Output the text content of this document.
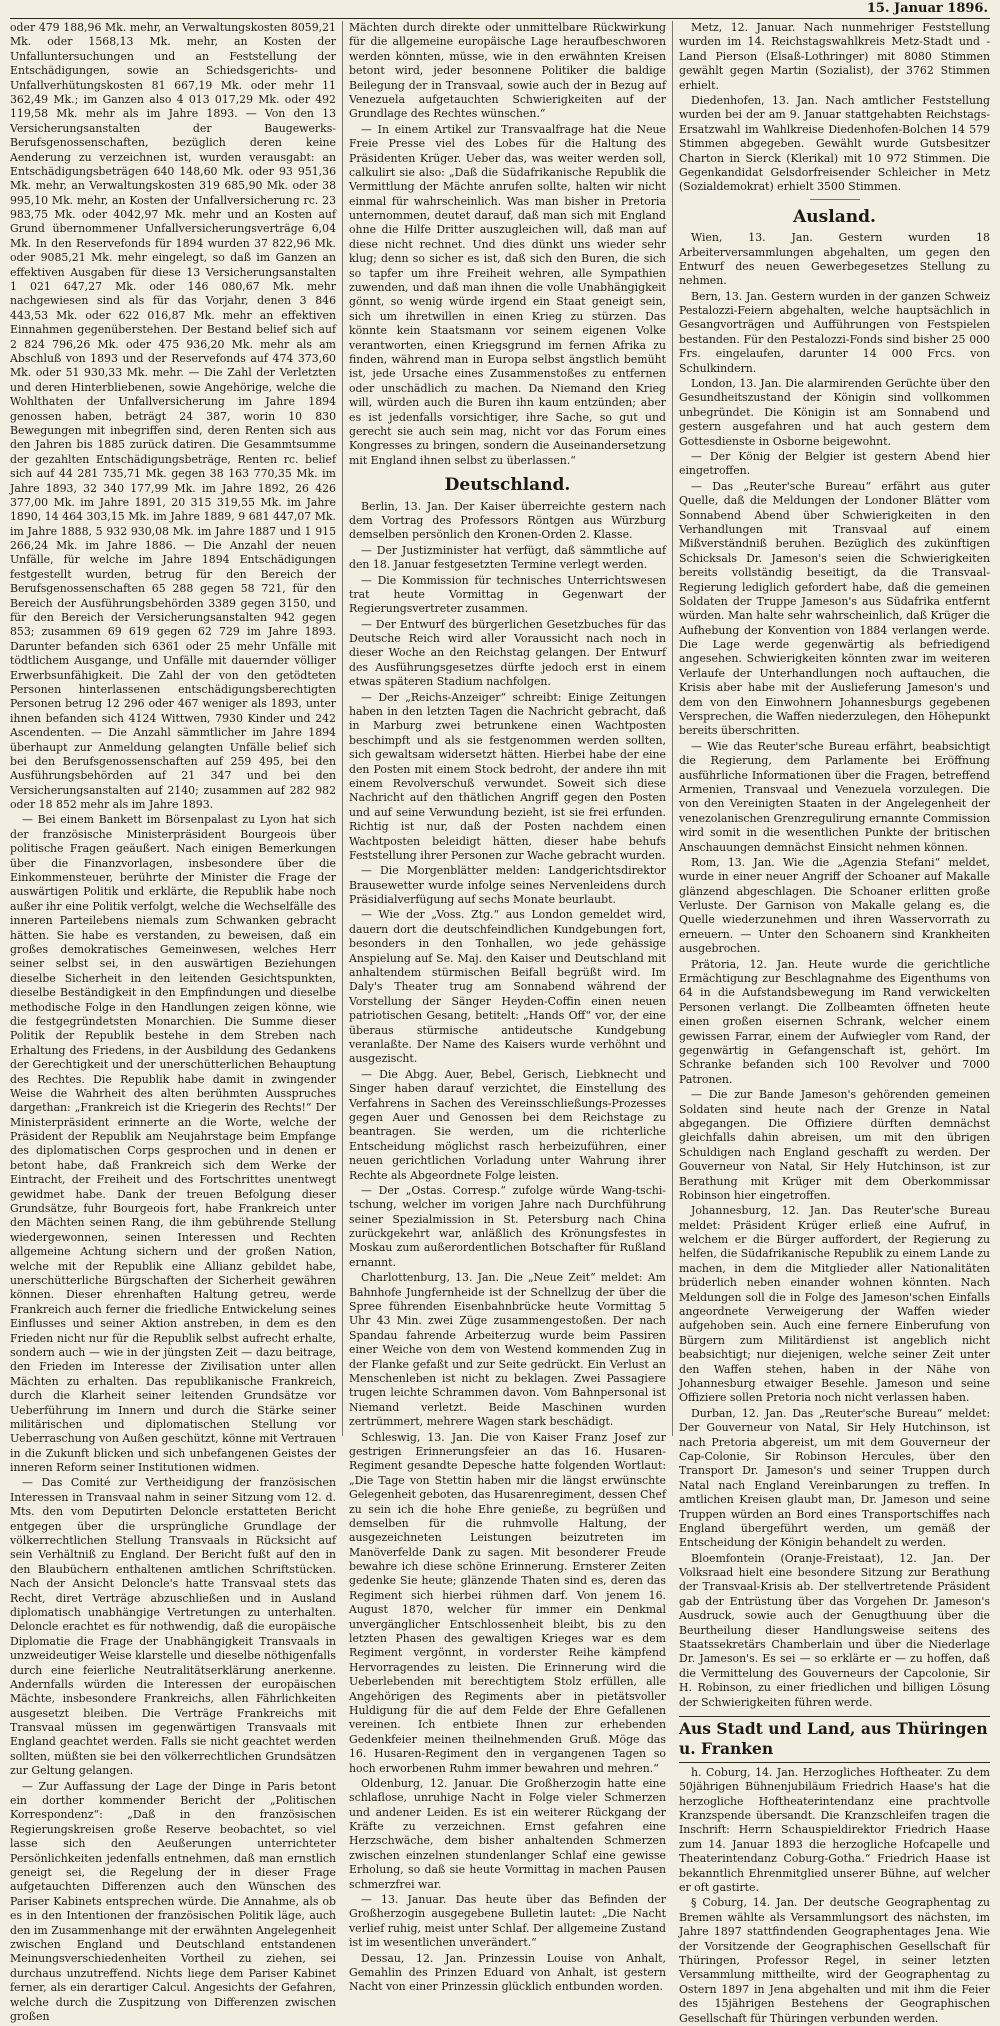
15. Januar 1896.

oder 479 188,96 Mk. mehr, an Verwaltungskosten 8059,21 Mk. oder 1568,13 Mk. mehr, an Kosten der Unfalluntersuchungen und an Feststellung der Entschädigungen, sowie an Schiedsgerichts- und Unfallverhütungskosten 81 667,19 Mk. oder mehr 11 362,49 Mk.; im Ganzen also 4 013 017,29 Mk. oder 492 119,58 Mk. mehr als im Jahre 1893. — Von den 13 Versicherungsanstalten der Baugewerks-Berufsgenossenschaften, bezüglich deren keine Aenderung zu verzeichnen ist, wurden verausgabt: an Entschädigungsbeträgen 640 148,60 Mk. oder 93 951,36 Mk. mehr, an Verwaltungskosten 319 685,90 Mk. oder 38 995,10 Mk. mehr, an Kosten der Unfallversicherung rc. 23 983,75 Mk. oder 4042,97 Mk. mehr und an Kosten auf Grund übernommener Unfallversicherungsverträge 6,04 Mk. In den Reservefonds für 1894 wurden 37 822,96 Mk. oder 9085,21 Mk. mehr eingelegt, so daß im Ganzen an effektiven Ausgaben für diese 13 Versicherungsanstalten 1 021 647,27 Mk. oder 146 080,67 Mk. mehr nachgewiesen sind als für das Vorjahr, denen 3 846 443,53 Mk. oder 622 016,87 Mk. mehr an effektiven Einnahmen gegenüberstehen. Der Bestand belief sich auf 2 824 796,26 Mk. oder 475 936,20 Mk. mehr als am Abschluß von 1893 und der Reservefonds auf 474 373,60 Mk. oder 51 930,33 Mk. mehr. — Die Zahl der Verletzten und deren Hinterbliebenen, sowie Angehörige, welche die Wohlthaten der Unfallversicherung im Jahre 1894 genossen haben, beträgt 24 387, worin 10 830 Bewegungen mit inbegriffen sind, deren Renten sich aus den Jahren bis 1885 zurück datiren. Die Gesammtsumme der gezahlten Entschädigungsbeträge, Renten rc. belief sich auf 44 281 735,71 Mk. gegen 38 163 770,35 Mk. im Jahre 1893, 32 340 177,99 Mk. im Jahre 1892, 26 426 377,00 Mk. im Jahre 1891, 20 315 319,55 Mk. im Jahre 1890, 14 464 303,15 Mk. im Jahre 1889, 9 681 447,07 Mk. im Jahre 1888, 5 932 930,08 Mk. im Jahre 1887 und 1 915 266,24 Mk. im Jahre 1886. — Die Anzahl der neuen Unfälle, für welche im Jahre 1894 Entschädigungen festgestellt wurden, betrug für den Bereich der Berufsgenossenschaften 65 288 gegen 58 721, für den Bereich der Ausführungsbehörden 3389 gegen 3150, und für den Bereich der Versicherungsanstalten 942 gegen 853; zusammen 69 619 gegen 62 729 im Jahre 1893. Darunter befanden sich 6361 oder 25 mehr Unfälle mit tödtlichem Ausgange, und Unfälle mit dauernder völliger Erwerbsunfähigkeit. Die Zahl der von den getödteten Personen hinterlassenen entschädigungsberechtigten Personen betrug 12 296 oder 467 weniger als 1893, unter ihnen befanden sich 4124 Wittwen, 7930 Kinder und 242 Ascendenten. — Die Anzahl sämmtlicher im Jahre 1894 überhaupt zur Anmeldung gelangten Unfälle belief sich bei den Berufsgenossenschaften auf 259 495, bei den Ausführungsbehörden auf 21 347 und bei den Versicherungsanstalten auf 2140; zusammen auf 282 982 oder 18 852 mehr als im Jahre 1893.

— Bei einem Bankett im Börsenpalast zu Lyon hat sich der französische Ministerpräsident Bourgeois über politische Fragen geäußert. Nach einigen Bemerkungen über die Finanzvorlagen, insbesondere über die Einkommensteuer, berührte der Minister die Frage der auswärtigen Politik und erklärte, die Republik habe noch außer ihr eine Politik verfolgt, welche die Wechselfälle des inneren Parteilebens niemals zum Schwanken gebracht hätten. Sie habe es verstanden, zu beweisen, daß ein großes demokratisches Gemeinwesen, welches Herr seiner selbst sei, in den auswärtigen Beziehungen dieselbe Sicherheit in den leitenden Gesichtspunkten, dieselbe Beständigkeit in den Empfindungen und dieselbe methodische Folge in den Handlungen zeigen könne, wie die festgegründetsten Monarchien. Die Summe dieser Politik der Republik bestehe in dem Streben nach Erhaltung des Friedens, in der Ausbildung des Gedankens der Gerechtigkeit und der unerschütterlichen Behauptung des Rechtes. Die Republik habe damit in zwingender Weise die Wahrheit des alten berühmten Ausspruches dargethan: „Frankreich ist die Kriegerin des Rechts!“ Der Ministerpräsident erinnerte an die Worte, welche der Präsident der Republik am Neujahrstage beim Empfange des diplomatischen Corps gesprochen und in denen er betont habe, daß Frankreich sich dem Werke der Eintracht, der Freiheit und des Fortschrittes unentwegt gewidmet habe. Dank der treuen Befolgung dieser Grundsätze, fuhr Bourgeois fort, habe Frankreich unter den Mächten seinen Rang, die ihm gebührende Stellung wiedergewonnen, seinen Interessen und Rechten allgemeine Achtung sichern und der großen Nation, welche mit der Republik eine Allianz gebildet habe, unerschütterliche Bürgschaften der Sicherheit gewähren können. Dieser ehrenhaften Haltung getreu, werde Frankreich auch ferner die friedliche Entwickelung seines Einflusses und seiner Aktion anstreben, in dem es den Frieden nicht nur für die Republik selbst aufrecht erhalte, sondern auch — wie in der jüngsten Zeit — dazu beitrage, den Frieden im Interesse der Zivilisation unter allen Mächten zu erhalten. Das republikanische Frankreich, durch die Klarheit seiner leitenden Grundsätze vor Ueberführung im Innern und durch die Stärke seiner militärischen und diplomatischen Stellung vor Ueberraschung von Außen geschützt, könne mit Vertrauen in die Zukunft blicken und sich unbefangenen Geistes der inneren Reform seiner Institutionen widmen.

— Das Comité zur Vertheidigung der französischen Interessen in Transvaal nahm in seiner Sitzung vom 12. d. Mts. den vom Deputirten Deloncle erstatteten Bericht entgegen über die ursprüngliche Grundlage der völkerrechtlichen Stellung Transvaals in Rücksicht auf sein Verhältniß zu England. Der Bericht fußt auf den in den Blaubüchern enthaltenen amtlichen Schriftstücken. Nach der Ansicht Deloncle's hatte Transvaal stets das Recht, diret Verträge abzuschließen und in Ausland diplomatisch unabhängige Vertretungen zu unterhalten. Deloncle erachtet es für nothwendig, daß die europäische Diplomatie die Frage der Unabhängigkeit Transvaals in unzweideutiger Weise klarstelle und dieselbe nöthigenfalls durch eine feierliche Neutralitätserklärung anerkenne. Andernfalls würden die Interessen der europäischen Mächte, insbesondere Frankreichs, allen Fährlichkeiten ausgesetzt bleiben. Die Verträge Frankreichs mit Transvaal müssen im gegenwärtigen Transvaals mit England geachtet werden. Falls sie nicht geachtet werden sollten, müßten sie bei den völkerrechtlichen Grundsätzen zur Geltung gelangen.

— Zur Auffassung der Lage der Dinge in Paris betont ein dorther kommender Bericht der „Politischen Korrespondenz“: „Daß in den französischen Regierungskreisen große Reserve beobachtet, so viel lasse sich den Aeußerungen unterrichteter Persönlichkeiten jedenfalls entnehmen, daß man ernstlich geneigt sei, die Regelung der in dieser Frage aufgetauchten Differenzen auch den Wünschen des Pariser Kabinets entsprechen würde. Die Annahme, als ob es in den Intentionen der französischen Politik läge, auch den im Zusammenhange mit der erwähnten Angelegenheit zwischen England und Deutschland entstandenen Meinungsverschiedenheiten Vortheil zu ziehen, sei durchaus unzutreffend. Nichts liege dem Pariser Kabinet ferner, als ein derartiger Calcul. Angesichts der Gefahren, welche durch die Zuspitzung von Differenzen zwischen großen

Mächten durch direkte oder unmittelbare Rückwirkung für die allgemeine europäische Lage heraufbeschworen werden könnten, müsse, wie in den erwähnten Kreisen betont wird, jeder besonnene Politiker die baldige Beilegung der in Transvaal, sowie auch der in Bezug auf Venezuela aufgetauchten Schwierigkeiten auf der Grundlage des Rechtes wünschen.“

— In einem Artikel zur Transvaalfrage hat die Neue Freie Presse viel des Lobes für die Haltung des Präsidenten Krüger. Ueber das, was weiter werden soll, calkulirt sie also: „Daß die Südafrikanische Republik die Vermittlung der Mächte anrufen sollte, halten wir nicht einmal für wahrscheinlich. Was man bisher in Pretoria unternommen, deutet darauf, daß man sich mit England ohne die Hilfe Dritter auszugleichen will, daß man auf diese nicht rechnet. Und dies dünkt uns wieder sehr klug; denn so sicher es ist, daß sich den Buren, die sich so tapfer um ihre Freiheit wehren, alle Sympathien zuwenden, und daß man ihnen die volle Unabhängigkeit gönnt, so wenig würde irgend ein Staat geneigt sein, sich um ihretwillen in einen Krieg zu stürzen. Das könnte kein Staatsmann vor seinem eigenen Volke verantworten, einen Kriegsgrund im fernen Afrika zu finden, während man in Europa selbst ängstlich bemüht ist, jede Ursache eines Zusammenstoßes zu entfernen oder unschädlich zu machen. Da Niemand den Krieg will, würden auch die Buren ihn kaum entzünden; aber es ist jedenfalls vorsichtiger, ihre Sache, so gut und gerecht sie auch sein mag, nicht vor das Forum eines Kongresses zu bringen, sondern die Auseinandersetzung mit England ihnen selbst zu überlassen.“

Deutschland.

Berlin, 13. Jan. Der Kaiser überreichte gestern nach dem Vortrag des Professors Röntgen aus Würzburg demselben persönlich den Kronen-Orden 2. Klasse.

— Der Justizminister hat verfügt, daß sämmtliche auf den 18. Januar festgesetzten Termine verlegt werden.

— Die Kommission für technisches Unterrichtswesen trat heute Vormittag in Gegenwart der Regierungsvertreter zusammen.

— Der Entwurf des bürgerlichen Gesetzbuches für das Deutsche Reich wird aller Voraussicht nach noch in dieser Woche an den Reichstag gelangen. Der Entwurf des Ausführungsgesetzes dürfte jedoch erst in einem etwas späteren Stadium nachfolgen.

— Der „Reichs-Anzeiger“ schreibt: Einige Zeitungen haben in den letzten Tagen die Nachricht gebracht, daß in Marburg zwei betrunkene einen Wachtposten beschimpft und als sie festgenommen werden sollten, sich gewaltsam widersetzt hätten. Hierbei habe der eine den Posten mit einem Stock bedroht, der andere ihn mit einem Revolverschuß verwundet. Soweit sich diese Nachricht auf den thätlichen Angriff gegen den Posten und auf seine Verwundung bezieht, ist sie frei erfunden. Richtig ist nur, daß der Posten nachdem einen Wachtposten beleidigt hätten, dieser habe behufs Feststellung ihrer Personen zur Wache gebracht wurden.

— Die Morgenblätter melden: Landgerichtsdirektor Brausewetter wurde infolge seines Nervenleidens durch Präsidialverfügung auf sechs Monate beurlaubt.

— Wie der „Voss. Ztg.“ aus London gemeldet wird, dauern dort die deutschfeindlichen Kundgebungen fort, besonders in den Tonhallen, wo jede gehässige Anspielung auf Se. Maj. den Kaiser und Deutschland mit anhaltendem stürmischen Beifall begrüßt wird. Im Daly's Theater trug am Sonnabend während der Vorstellung der Sänger Heyden-Coffin einen neuen patriotischen Gesang, betitelt: „Hands Off“ vor, der eine überaus stürmische antideutsche Kundgebung veranlaßte. Der Name des Kaisers wurde verhöhnt und ausgezischt.

— Die Abgg. Auer, Bebel, Gerisch, Liebknecht und Singer haben darauf verzichtet, die Einstellung des Verfahrens in Sachen des Vereinsschließungs-Prozesses gegen Auer und Genossen bei dem Reichstage zu beantragen. Sie werden, um die richterliche Entscheidung möglichst rasch herbeizuführen, einer neuen gerichtlichen Vorladung unter Wahrung ihrer Rechte als Abgeordnete Folge leisten.

— Der „Ostas. Corresp.“ zufolge würde Wang-tschi-tschung, welcher im vorigen Jahre nach Durchführung seiner Spezialmission in St. Petersburg nach China zurückgekehrt war, anläßlich des Krönungsfestes in Moskau zum außerordentlichen Botschafter für Rußland ernannt.

Charlottenburg, 13. Jan. Die „Neue Zeit“ meldet: Am Bahnhofe Jungfernheide ist der Schnellzug der über die Spree führenden Eisenbahnbrücke heute Vormittag 5 Uhr 43 Min. zwei Züge zusammengestoßen. Der nach Spandau fahrende Arbeiterzug wurde beim Passiren einer Weiche von dem von Westend kommenden Zug in der Flanke gefaßt und zur Seite gedrückt. Ein Verlust an Menschenleben ist nicht zu beklagen. Zwei Passagiere trugen leichte Schrammen davon. Vom Bahnpersonal ist Niemand verletzt. Beide Maschinen wurden zertrümmert, mehrere Wagen stark beschädigt.

Schleswig, 13. Jan. Die von Kaiser Franz Josef zur gestrigen Erinnerungsfeier an das 16. Husaren-Regiment gesandte Depesche hatte folgenden Wortlaut: „Die Tage von Stettin haben mir die längst erwünschte Gelegenheit geboten, das Husarenregiment, dessen Chef zu sein ich die hohe Ehre genieße, zu begrüßen und demselben für die ruhmvolle Haltung, der ausgezeichneten Leistungen beizutreten im Manöverfelde Dank zu sagen. Mit besonderer Freude bewahre ich diese schöne Erinnerung. Ernsterer Zeiten gedenke Sie heute; glänzende Thaten sind es, deren das Regiment sich hierbei rühmen darf. Von jenem 16. August 1870, welcher für immer ein Denkmal unvergänglicher Entschlossenheit bleibt, bis zu den letzten Phasen des gewaltigen Krieges war es dem Regiment vergönnt, in vorderster Reihe kämpfend Hervorragendes zu leisten. Die Erinnerung wird die Ueberlebenden mit berechtigtem Stolz erfüllen, alle Angehörigen des Regiments aber in pietätsvoller Huldigung für die auf dem Felde der Ehre Gefallenen vereinen. Ich entbiete Ihnen zur erhebenden Gedenkfeier meinen theilnehmenden Gruß. Möge das 16. Husaren-Regiment den in vergangenen Tagen so hoch erworbenen Ruhm immer bewahren und mehren.“

Oldenburg, 12. Januar. Die Großherzogin hatte eine schlaflose, unruhige Nacht in Folge vieler Schmerzen und andener Leiden. Es ist ein weiterer Rückgang der Kräfte zu verzeichnen. Ernst gefahren eine Herzschwäche, dem bisher anhaltenden Schmerzen zwischen einzelnen stundenlanger Schlaf eine gewisse Erholung, so daß sie heute Vormittag in machen Pausen schmerzfrei war.

— 13. Januar. Das heute über das Befinden der Großherzogin ausgegebene Bulletin lautet: „Die Nacht verlief ruhig, meist unter Schlaf. Der allgemeine Zustand ist im wesentlichen unverändert.“

Dessau, 12. Jan. Prinzessin Louise von Anhalt, Gemahlin des Prinzen Eduard von Anhalt, ist gestern Nacht von einer Prinzessin glücklich entbunden worden.

Metz, 12. Januar. Nach nunmehriger Feststellung wurden im 14. Reichstagswahlkreis Metz-Stadt und -Land Pierson (Elsaß-Lothringer) mit 8080 Stimmen gewählt gegen Martin (Sozialist), der 3762 Stimmen erhielt.

Diedenhofen, 13. Jan. Nach amtlicher Feststellung wurden bei der am 9. Januar stattgehabten Reichstags-Ersatzwahl im Wahlkreise Diedenhofen-Bolchen 14 579 Stimmen abgegeben. Gewählt wurde Gutsbesitzer Charton in Sierck (Klerikal) mit 10 972 Stimmen. Die Gegenkandidat Gelsdorfreisender Schleicher in Metz (Sozialdemokrat) erhielt 3500 Stimmen.

Ausland.

Wien, 13. Jan. Gestern wurden 18 Arbeiterversammlungen abgehalten, um gegen den Entwurf des neuen Gewerbegesetzes Stellung zu nehmen.

Bern, 13. Jan. Gestern wurden in der ganzen Schweiz Pestalozzi-Feiern abgehalten, welche hauptsächlich in Gesangvorträgen und Aufführungen von Festspielen bestanden. Für den Pestalozzi-Fonds sind bisher 25 000 Frs. eingelaufen, darunter 14 000 Frcs. von Schulkindern.

London, 13. Jan. Die alarmirenden Gerüchte über den Gesundheitszustand der Königin sind vollkommen unbegründet. Die Königin ist am Sonnabend und gestern ausgefahren und hat auch gestern dem Gottesdienste in Osborne beigewohnt.

— Der König der Belgier ist gestern Abend hier eingetroffen.

— Das „Reuter'sche Bureau“ erfährt aus guter Quelle, daß die Meldungen der Londoner Blätter vom Sonnabend Abend über Schwierigkeiten in den Verhandlungen mit Transvaal auf einem Mißverständniß beruhen. Bezüglich des zukünftigen Schicksals Dr. Jameson's seien die Schwierigkeiten bereits vollständig beseitigt, da die Transvaal-Regierung lediglich gefordert habe, daß die gemeinen Soldaten der Truppe Jameson's aus Südafrika entfernt würden. Man halte sehr wahrscheinlich, daß Krüger die Aufhebung der Konvention von 1884 verlangen werde. Die Lage werde gegenwärtig als befriedigend angesehen. Schwierigkeiten könnten zwar im weiteren Verlaufe der Unterhandlungen noch auftauchen, die Krisis aber habe mit der Auslieferung Jameson's und dem von den Einwohnern Johannesburgs gegebenen Versprechen, die Waffen niederzulegen, den Höhepunkt bereits überschritten.

— Wie das Reuter'sche Bureau erfährt, beabsichtigt die Regierung, dem Parlamente bei Eröffnung ausführliche Informationen über die Fragen, betreffend Armenien, Transvaal und Venezuela vorzulegen. Die von den Vereinigten Staaten in der Angelegenheit der venezolanischen Grenzregulirung ernannte Commission wird somit in die wesentlichen Punkte der britischen Anschauungen demnächst Einsicht nehmen können.

Rom, 13. Jan. Wie die „Agenzia Stefani“ meldet, wurde in einer neuer Angriff der Schoaner auf Makalle glänzend abgeschlagen. Die Schoaner erlitten große Verluste. Der Garnison von Makalle gelang es, die Quelle wiederzunehmen und ihren Wasservorrath zu erneuern. — Unter den Schoanern sind Krankheiten ausgebrochen.

Prätoria, 12. Jan. Heute wurde die gerichtliche Ermächtigung zur Beschlagnahme des Eigenthums von 64 in die Aufstandsbewegung im Rand verwickelten Personen verlangt. Die Zollbeamten öffneten heute einen großen eisernen Schrank, welcher einem gewissen Farrar, einem der Aufwiegler vom Rand, der gegenwärtig in Gefangenschaft ist, gehört. Im Schranke befanden sich 100 Revolver und 7000 Patronen.

— Die zur Bande Jameson's gehörenden gemeinen Soldaten sind heute nach der Grenze in Natal abgegangen. Die Offiziere dürften demnächst gleichfalls dahin abreisen, um mit den übrigen Schuldigen nach England geschafft zu werden. Der Gouverneur von Natal, Sir Hely Hutchinson, ist zur Berathung mit Krüger mit dem Oberkommissar Robinson hier eingetroffen.

Johannesburg, 12. Jan. Das Reuter'sche Bureau meldet: Präsident Krüger erließ eine Aufruf, in welchem er die Bürger auffordert, der Regierung zu helfen, die Südafrikanische Republik zu einem Lande zu machen, in dem die Mitglieder aller Nationalitäten brüderlich neben einander wohnen könnten. Nach Meldungen soll die in Folge des Jameson'schen Einfalls angeordnete Verweigerung der Waffen wieder aufgehoben sein. Auch eine fernere Einberufung von Bürgern zum Militärdienst ist angeblich nicht beabsichtigt; nur diejenigen, welche seiner Zeit unter den Waffen stehen, haben in der Nähe von Johannesburg etwaiger Besehle. Jameson und seine Offiziere sollen Pretoria noch nicht verlassen haben.

Durban, 12. Jan. Das „Reuter'sche Bureau“ meldet: Der Gouverneur von Natal, Sir Hely Hutchinson, ist nach Pretoria abgereist, um mit dem Gouverneur der Cap-Colonie, Sir Robinson Hercules, über den Transport Dr. Jameson's und seiner Truppen durch Natal nach England Vereinbarungen zu treffen. In amtlichen Kreisen glaubt man, Dr. Jameson und seine Truppen würden an Bord eines Transportschiffes nach England übergeführt werden, um gemäß der Entscheidung der Königin behandelt zu werden.

Bloemfontein (Oranje-Freistaat), 12. Jan. Der Volksraad hielt eine besondere Sitzung zur Berathung der Transvaal-Krisis ab. Der stellvertretende Präsident gab der Entrüstung über das Vorgehen Dr. Jameson's Ausdruck, sowie auch der Genugthuung über die Beurtheilung dieser Handlungsweise seitens des Staatssekretärs Chamberlain und über die Niederlage Dr. Jameson's. Es sei — so erklärte er — zu hoffen, daß die Vermittelung des Gouverneurs der Capcolonie, Sir H. Robinson, zu einer friedlichen und billigen Lösung der Schwierigkeiten führen werde.

Aus Stadt und Land, aus Thüringen u. Franken

h. Coburg, 14. Jan. Herzogliches Hoftheater. Zu dem 50jährigen Bühnenjubiläum Friedrich Haase's hat die herzogliche Hoftheaterintendanz eine prachtvolle Kranzspende übersandt. Die Kranzschleifen tragen die Inschrift: Herrn Schauspieldirektor Friedrich Haase zum 14. Januar 1893 die herzogliche Hofcapelle und Theaterintendanz Coburg-Gotha.“ Friedrich Haase ist bekanntlich Ehrenmitglied unserer Bühne, auf welcher er oft gastirte.

§ Coburg, 14. Jan. Der deutsche Geographentag zu Bremen wählte als Versammlungsort des nächsten, im Jahre 1897 stattfindenden Geographentages Jena. Wie der Vorsitzende der Geographischen Gesellschaft für Thüringen, Professor Regel, in seiner letzten Versammlung mittheilte, wird der Geographentag zu Ostern 1897 in Jena abgehalten und mit ihm die Feier des 15jährigen Bestehens der Geographischen Gesellschaft für Thüringen verbunden werden.
